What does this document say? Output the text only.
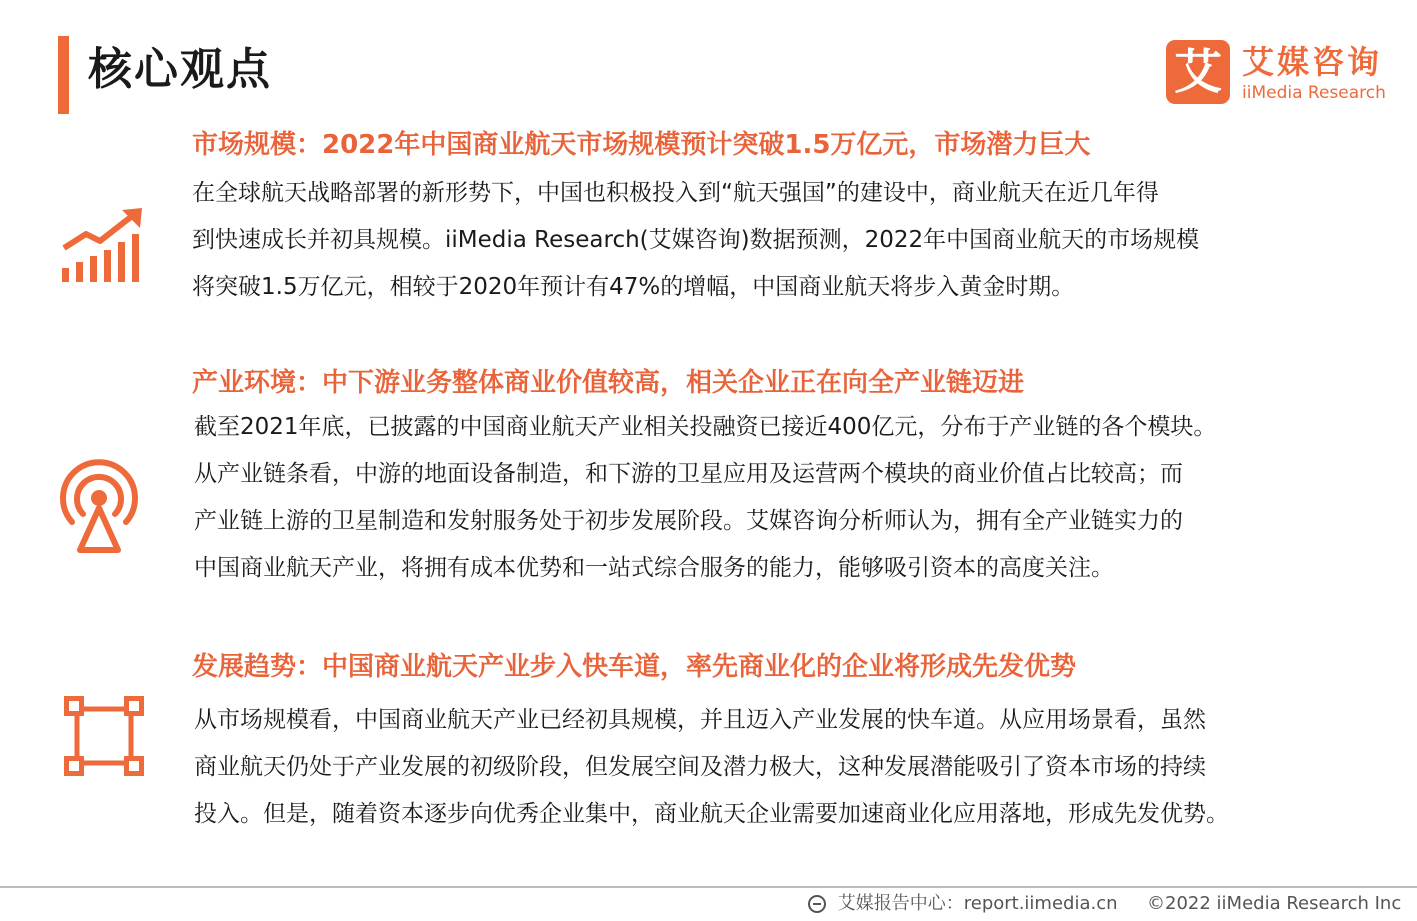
核心观点	艾 艾媒咨询
iiMedia Research
市场规模：2022年中国商业航天市场规模预计突破1.5万亿元，市场潜力巨大

在全球航天战略部署的新形势下，中国也积极投入到“航天强国”的建设中，商业航天在近几年得

到快速成长并初具规模。iiMedia Research(艾媒咨询)数据预测，2022年中国商业航天的市场规模

将突破1.5万亿元，相较于2020年预计有47%的增幅，中国商业航天将步入黄金时期。

产业环境：中下游业务整体商业价值较高，相关企业正在向全产业链迈进

截至2021年底，已披露的中国商业航天产业相关投融资已接近400亿元，分布于产业链的各个模块。

从产业链条看，中游的地面设备制造，和下游的卫星应用及运营两个模块的商业价值占比较高；而

产业链上游的卫星制造和发射服务处于初步发展阶段。艾媒咨询分析师认为，拥有全产业链实力的

中国商业航天产业，将拥有成本优势和一站式综合服务的能力，能够吸引资本的高度关注。

发展趋势：中国商业航天产业步入快车道，率先商业化的企业将形成先发优势

从市场规模看，中国商业航天产业已经初具规模，并且迈入产业发展的快车道。从应用场景看，虽然

商业航天仍处于产业发展的初级阶段，但发展空间及潜力极大，这种发展潜能吸引了资本市场的持续

投入。但是，随着资本逐步向优秀企业集中，商业航天企业需要加速商业化应用落地，形成先发优势。

艾媒报告中心：report.iimedia.cn ©2022 iiMedia Research Inc
